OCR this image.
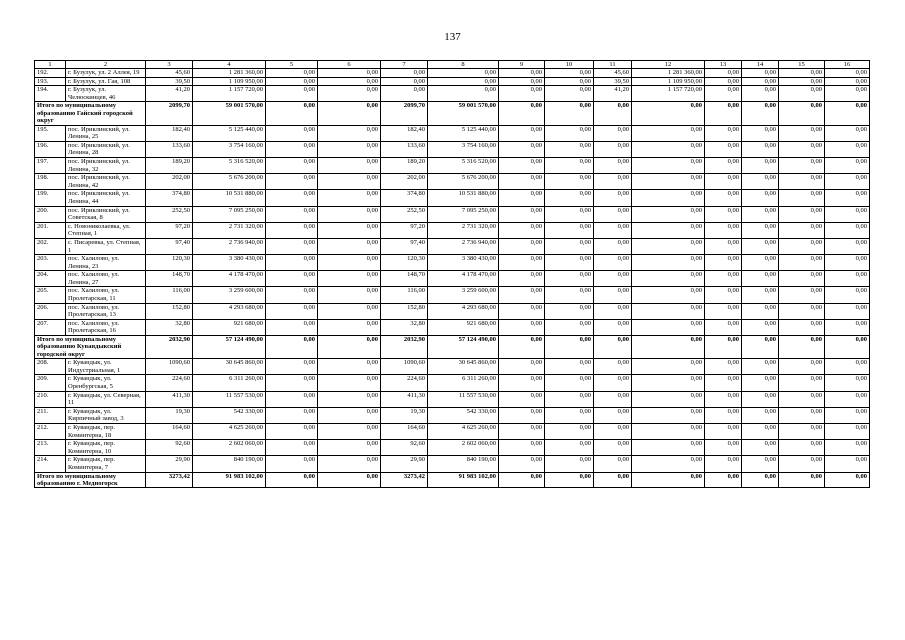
137
1	2	3	4	5	6	7	8	9	10	11	12	13	14	15	16
192.	г. Бузулук, ул. 2 Аллея, 19	45,60	1 281 360,00	0,00	0,00	0,00	0,00	0,00	0,00	45,60	1 281 360,00	0,00	0,00	0,00	0,00
193.	г. Бузулук, ул. Гая, 108	39,50	1 109 950,00	0,00	0,00	0,00	0,00	0,00	0,00	39,50	1 109 950,00	0,00	0,00	0,00	0,00
194.	г. Бузулук, ул. Челюскинцев, 46	41,20	1 157 720,00	0,00	0,00	0,00	0,00	0,00	0,00	41,20	1 157 720,00	0,00	0,00	0,00	0,00
Итого по муниципальному образованию Гайский городской округ		2099,70	59 001 570,00	0,00	0,00	2099,70	59 001 570,00	0,00	0,00	0,00	0,00	0,00	0,00	0,00	0,00
195.	пос. Ириклинский, ул. Ленина, 25	182,40	5 125 440,00	0,00	0,00	182,40	5 125 440,00	0,00	0,00	0,00	0,00	0,00	0,00	0,00	0,00
196.	пос. Ириклинский, ул. Ленина, 28	133,60	3 754 160,00	0,00	0,00	133,60	3 754 160,00	0,00	0,00	0,00	0,00	0,00	0,00	0,00	0,00
197.	пос. Ириклинский, ул. Ленина, 32	189,20	5 316 520,00	0,00	0,00	189,20	5 316 520,00	0,00	0,00	0,00	0,00	0,00	0,00	0,00	0,00
198.	пос. Ириклинский, ул. Ленина, 42	202,00	5 676 200,00	0,00	0,00	202,00	5 676 200,00	0,00	0,00	0,00	0,00	0,00	0,00	0,00	0,00
199.	пос. Ириклинский, ул. Ленина, 44	374,80	10 531 880,00	0,00	0,00	374,80	10 531 880,00	0,00	0,00	0,00	0,00	0,00	0,00	0,00	0,00
200.	пос. Ириклинский, ул. Советская, 8	252,50	7 095 250,00	0,00	0,00	252,50	7 095 250,00	0,00	0,00	0,00	0,00	0,00	0,00	0,00	0,00
201.	с. Новониколаевка, ул. Степная, 1	97,20	2 731 320,00	0,00	0,00	97,20	2 731 320,00	0,00	0,00	0,00	0,00	0,00	0,00	0,00	0,00
202.	с. Писаревка, ул. Степная, 1	97,40	2 736 940,00	0,00	0,00	97,40	2 736 940,00	0,00	0,00	0,00	0,00	0,00	0,00	0,00	0,00
203.	пос. Халилово, ул. Ленина, 23	120,30	3 380 430,00	0,00	0,00	120,30	3 380 430,00	0,00	0,00	0,00	0,00	0,00	0,00	0,00	0,00
204.	пос. Халилово, ул. Ленина, 27	148,70	4 178 470,00	0,00	0,00	148,70	4 178 470,00	0,00	0,00	0,00	0,00	0,00	0,00	0,00	0,00
205.	пос. Халилово, ул. Пролетарская, 11	116,00	3 259 600,00	0,00	0,00	116,00	3 259 600,00	0,00	0,00	0,00	0,00	0,00	0,00	0,00	0,00
206.	пос. Халилово, ул. Пролетарская, 13	152,80	4 293 680,00	0,00	0,00	152,80	4 293 680,00	0,00	0,00	0,00	0,00	0,00	0,00	0,00	0,00
207.	пос. Халилово, ул. Пролетарская, 16	32,80	921 680,00	0,00	0,00	32,80	921 680,00	0,00	0,00	0,00	0,00	0,00	0,00	0,00	0,00
Итого по муниципальному образованию Кувандыкский городской округ		2032,90	57 124 490,00	0,00	0,00	2032,90	57 124 490,00	0,00	0,00	0,00	0,00	0,00	0,00	0,00	0,00
208.	г. Кувандык, ул. Индустриальная, 1	1090,60	30 645 860,00	0,00	0,00	1090,60	30 645 860,00	0,00	0,00	0,00	0,00	0,00	0,00	0,00	0,00
209.	г. Кувандык, ул. Оренбургская, 5	224,60	6 311 260,00	0,00	0,00	224,60	6 311 260,00	0,00	0,00	0,00	0,00	0,00	0,00	0,00	0,00
210.	г. Кувандык, ул. Северная, 11	411,30	11 557 530,00	0,00	0,00	411,30	11 557 530,00	0,00	0,00	0,00	0,00	0,00	0,00	0,00	0,00
211.	г. Кувандык, ул. Кирпичный завод, 3	19,30	542 330,00	0,00	0,00	19,30	542 330,00	0,00	0,00	0,00	0,00	0,00	0,00	0,00	0,00
212.	г. Кувандык, пер. Коминтерна, 18	164,60	4 625 260,00	0,00	0,00	164,60	4 625 260,00	0,00	0,00	0,00	0,00	0,00	0,00	0,00	0,00
213.	г. Кувандык, пер. Коминтерна, 10	92,60	2 602 060,00	0,00	0,00	92,60	2 602 060,00	0,00	0,00	0,00	0,00	0,00	0,00	0,00	0,00
214.	г. Кувандык, пер. Коминтерна, 7	29,90	840 190,00	0,00	0,00	29,90	840 190,00	0,00	0,00	0,00	0,00	0,00	0,00	0,00	0,00
Итого по муниципальному образованию г. Медногорск		3273,42	91 983 102,00	0,00	0,00	3273,42	91 983 102,00	0,00	0,00	0,00	0,00	0,00	0,00	0,00	0,00
